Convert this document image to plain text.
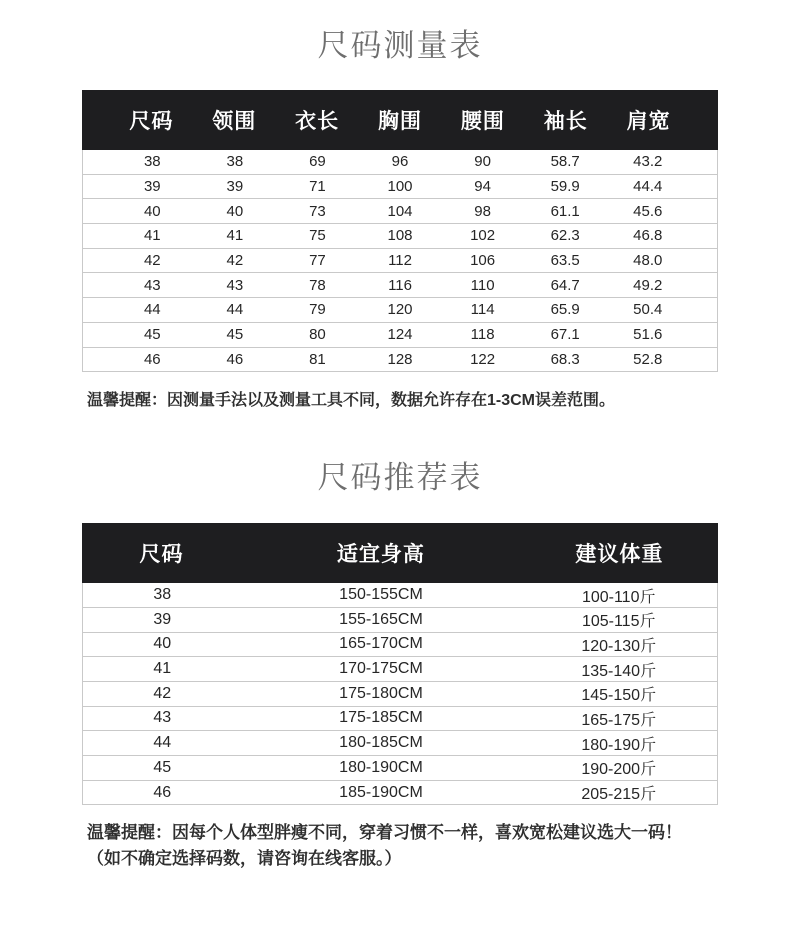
尺码测量表
尺码	领围	衣长	胸围	腰围	袖长	肩宽
38	38	69	96	90	58.7	43.2
39	39	71	100	94	59.9	44.4
40	40	73	104	98	61.1	45.6
41	41	75	108	102	62.3	46.8
42	42	77	112	106	63.5	48.0
43	43	78	116	110	64.7	49.2
44	44	79	120	114	65.9	50.4
45	45	80	124	118	67.1	51.6
46	46	81	128	122	68.3	52.8
温馨提醒：因测量手法以及测量工具不同，数据允许存在1-3CM误差范围。
尺码推荐表
尺码	适宜身高	建议体重
38	150-155CM	100-110斤
39	155-165CM	105-115斤
40	165-170CM	120-130斤
41	170-175CM	135-140斤
42	175-180CM	145-150斤
43	175-185CM	165-175斤
44	180-185CM	180-190斤
45	180-190CM	190-200斤
46	185-190CM	205-215斤
温馨提醒：因每个人体型胖瘦不同，穿着习惯不一样，喜欢宽松建议选大一码！
（如不确定选择码数，请咨询在线客服。）
